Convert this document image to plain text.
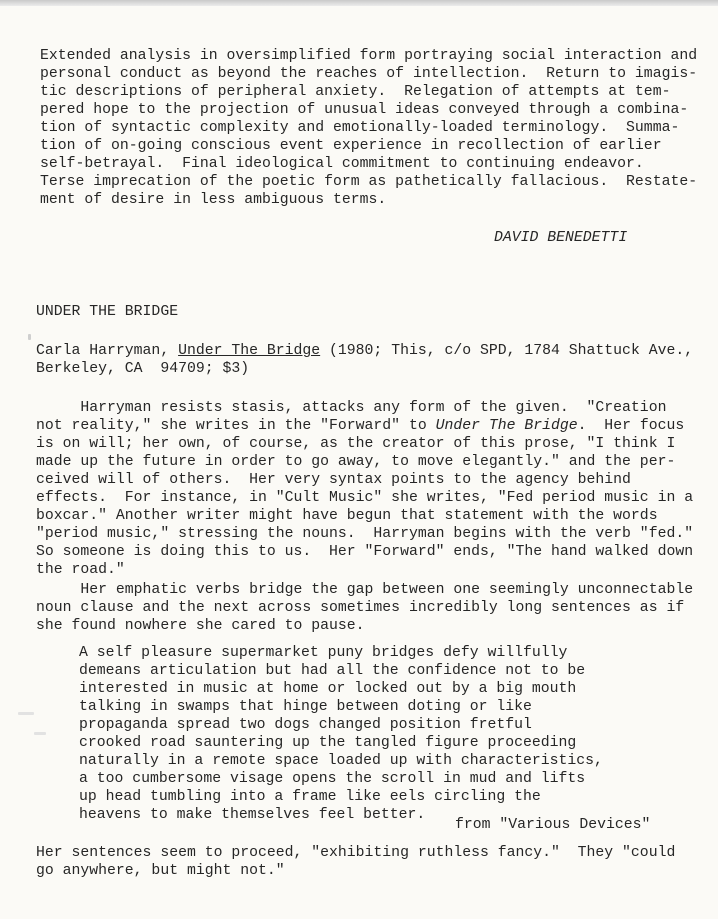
Extended analysis in oversimplified form portraying social interaction and
personal conduct as beyond the reaches of intellection.  Return to imagis-
tic descriptions of peripheral anxiety.  Relegation of attempts at tem-
pered hope to the projection of unusual ideas conveyed through a combina-
tion of syntactic complexity and emotionally-loaded terminology.  Summa-
tion of on-going conscious event experience in recollection of earlier
self-betrayal.  Final ideological commitment to continuing endeavor.
Terse imprecation of the poetic form as pathetically fallacious.  Restate-
ment of desire in less ambiguous terms.
DAVID BENEDETTI
UNDER THE BRIDGE
Carla Harryman, Under The Bridge (1980; This, c/o SPD, 1784 Shattuck Ave.,
Berkeley, CA  94709; $3)
Harryman resists stasis, attacks any form of the given.  "Creation
not reality," she writes in the "Forward" to Under The Bridge.  Her focus
is on will; her own, of course, as the creator of this prose, "I think I
made up the future in order to go away, to move elegantly." and the per-
ceived will of others.  Her very syntax points to the agency behind
effects.  For instance, in "Cult Music" she writes, "Fed period music in a
boxcar." Another writer might have begun that statement with the words
"period music," stressing the nouns.  Harryman begins with the verb "fed."
So someone is doing this to us.  Her "Forward" ends, "The hand walked down
the road."
Her emphatic verbs bridge the gap between one seemingly unconnectable
noun clause and the next across sometimes incredibly long sentences as if
she found nowhere she cared to pause.
A self pleasure supermarket puny bridges defy willfully
demeans articulation but had all the confidence not to be
interested in music at home or locked out by a big mouth
talking in swamps that hinge between doting or like
propaganda spread two dogs changed position fretful
crooked road sauntering up the tangled figure proceeding
naturally in a remote space loaded up with characteristics,
a too cumbersome visage opens the scroll in mud and lifts
up head tumbling into a frame like eels circling the
heavens to make themselves feel better.
from "Various Devices"
Her sentences seem to proceed, "exhibiting ruthless fancy."  They "could
go anywhere, but might not."
